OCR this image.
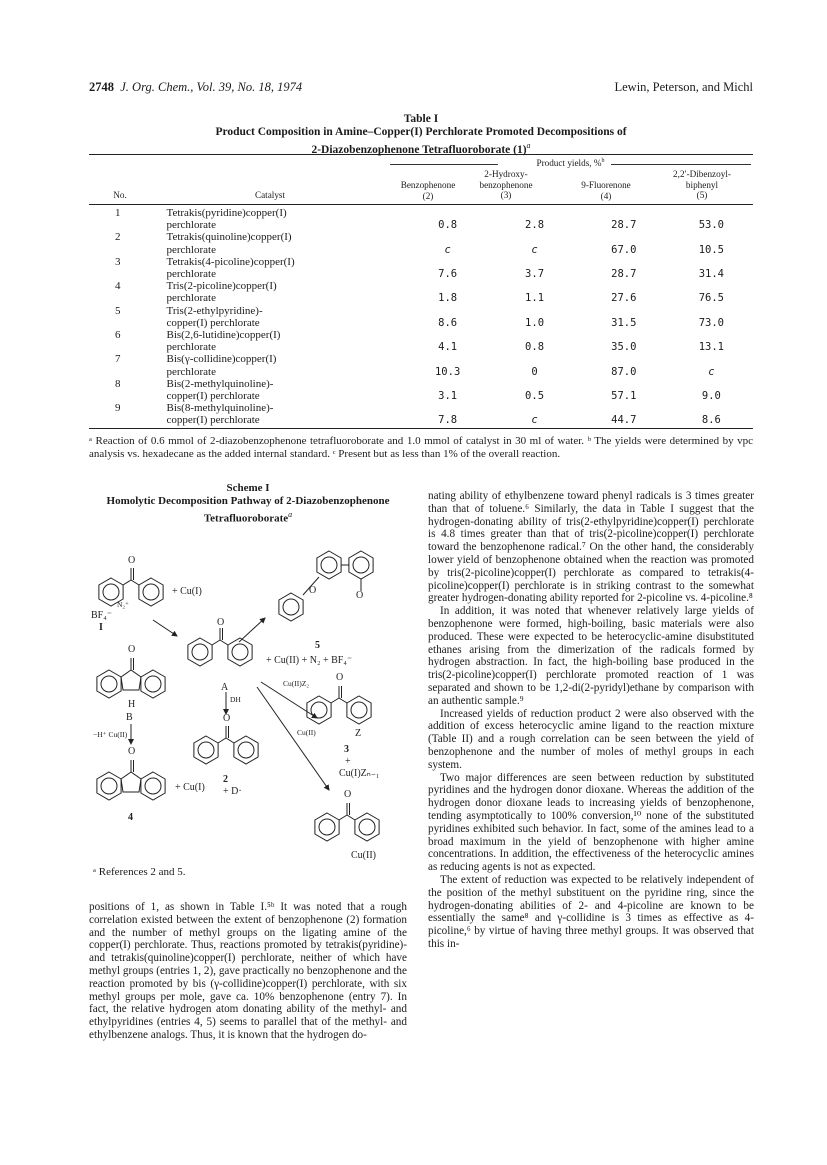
2748 J. Org. Chem., Vol. 39, No. 18, 1974	Lewin, Peterson, and Michl
Table I
Product Composition in Amine–Copper(I) Perchlorate Promoted Decompositions of
2-Diazobenzophenone Tetrafluoroborate $(1)^a$
Product yields, %$^b$
No.	Catalyst
Benzophenone
(2)
2-Hydroxy- benzophenone
(3)
9-Fluorenone
(4)
2,2′-Dibenzoyl- biphenyl
(5)
1	Tetrakis(pyridine)copper(I)				
	perchlorate	0.8	2.8	28.7	53.0
2	Tetrakis(quinoline)copper(I)				
	perchlorate	c	c	67.0	10.5
3	Tetrakis(4-picoline)copper(I)				
	perchlorate	7.6	3.7	28.7	31.4
4	Tris(2-picoline)copper(I)				
	perchlorate	1.8	1.1	27.6	76.5
5	Tris(2-ethylpyridine)-				
	copper(I) perchlorate	8.6	1.0	31.5	73.0
6	Bis(2,6-lutidine)copper(I)				
	perchlorate	4.1	0.8	35.0	13.1
7	Bis(γ-collidine)copper(I)				
	perchlorate	10.3	0	87.0	c
8	Bis(2-methylquinoline)-				
	copper(I) perchlorate	3.1	0.5	57.1	9.0
9	Bis(8-methylquinoline)-				
	copper(I) perchlorate	7.8	c	44.7	8.6
ᵃ Reaction of 0.6 mmol of 2-diazobenzophenone tetrafluoroborate and 1.0 mmol of catalyst in 30 ml of water. ᵇ The yields were determined by vpc analysis vs. hexadecane as the added internal standard. ᶜ Present but as less than 1% of the overall reaction.
Scheme I
Homolytic Decomposition Pathway of 2-Diazobenzophenone Tetrafluoroborate$^a$
O
N₂⁺
+ Cu(I)
BF₄⁻
I
O	O
5
O
+ Cu(II) + N₂ + BF₄⁻
A
DH
Cu(II)Z₂
O
Z
3
+
Cu(I)Zₙ₋₁
Cu(II)
O
Cu(II)
O
2
+ D·
O
H
B
−H⁺ Cu(II)
O
+ Cu(I)
4
ᵃ References 2 and 5.

positions of 1, as shown in Table I.⁵ᵇ It was noted that a rough correlation existed between the extent of benzophenone (2) formation and the number of methyl groups on the ligating amine of the copper(I) perchlorate. Thus, reactions promoted by tetrakis(pyridine)- and tetrakis(quinoline)copper(I) perchlorate, neither of which have methyl groups (entries 1, 2), gave practically no benzophenone and the reaction promoted by bis (γ-collidine)copper(I) perchlorate, with six methyl groups per mole, gave ca. 10% benzophenone (entry 7). In fact, the relative hydrogen atom donating ability of the methyl- and ethylpyridines (entries 4, 5) seems to parallel that of the methyl- and ethylbenzene analogs. Thus, it is known that the hydrogen do-

nating ability of ethylbenzene toward phenyl radicals is 3 times greater than that of toluene.⁶ Similarly, the data in Table I suggest that the hydrogen-donating ability of tris(2-ethylpyridine)copper(I) perchlorate is 4.8 times greater than that of tris(2-picoline)copper(I) perchlorate toward the benzophenone radical.⁷ On the other hand, the considerably lower yield of benzophenone obtained when the reaction was promoted by tris(2-picoline)copper(I) perchlorate as compared to tetrakis(4-picoline)copper(I) perchlorate is in striking contrast to the somewhat greater hydrogen-donating ability reported for 2-picoline vs. 4-picoline.⁸

In addition, it was noted that whenever relatively large yields of benzophenone were formed, high-boiling, basic materials were also produced. These were expected to be heterocyclic-amine disubstituted ethanes arising from the dimerization of the radicals formed by hydrogen abstraction. In fact, the high-boiling base produced in the tris(2-picoline)copper(I) perchlorate promoted reaction of 1 was separated and shown to be 1,2-di(2-pyridyl)ethane by comparison with an authentic sample.⁹

Increased yields of reduction product 2 were also observed with the addition of excess heterocyclic amine ligand to the reaction mixture (Table II) and a rough correlation can be seen between the yield of benzophenone and the number of moles of methyl groups in each system.

Two major differences are seen between reduction by substituted pyridines and the hydrogen donor dioxane. Whereas the addition of the hydrogen donor dioxane leads to increasing yields of benzophenone, tending asymptotically to 100% conversion,¹⁰ none of the substituted pyridines exhibited such behavior. In fact, some of the amines lead to a broad maximum in the yield of benzophenone with higher amine concentrations. In addition, the effectiveness of the heterocyclic amines as reducing agents is not as expected.

The extent of reduction was expected to be relatively independent of the position of the methyl substituent on the pyridine ring, since the hydrogen-donating abilities of 2- and 4-picoline are known to be essentially the same⁸ and γ-collidine is 3 times as effective as 4-picoline,⁶ by virtue of having three methyl groups. It was observed that this in-
